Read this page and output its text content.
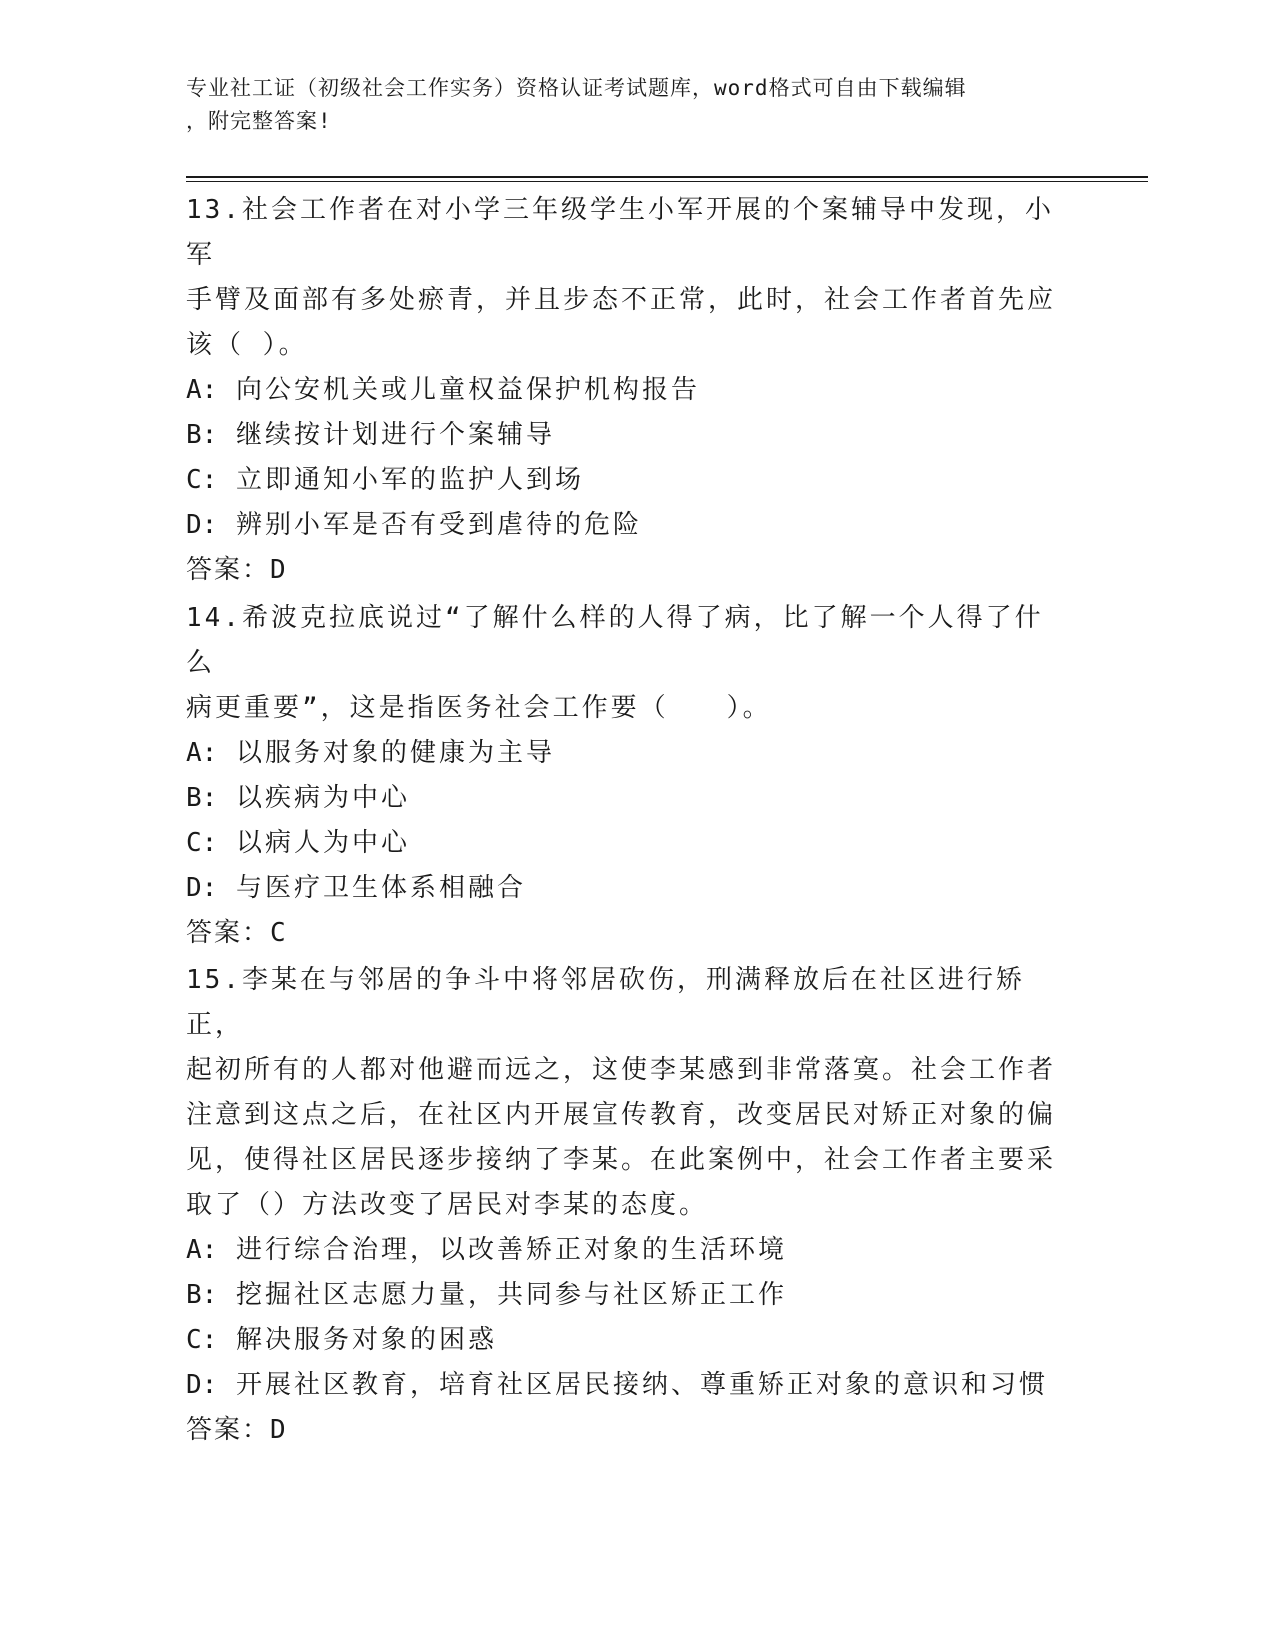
专业社工证（初级社会工作实务）资格认证考试题库，word格式可自由下载编辑
，附完整答案!

13.社会工作者在对小学三年级学生小军开展的个案辅导中发现，小军

手臂及面部有多处瘀青，并且步态不正常，此时，社会工作者首先应

该（ ）。

A: 向公安机关或儿童权益保护机构报告

B: 继续按计划进行个案辅导

C: 立即通知小军的监护人到场

D: 辨别小军是否有受到虐待的危险

答案：D

14.希波克拉底说过“了解什么样的人得了病，比了解一个人得了什么

病更重要”，这是指医务社会工作要（　　）。

A: 以服务对象的健康为主导

B: 以疾病为中心

C: 以病人为中心

D: 与医疗卫生体系相融合

答案：C

15.李某在与邻居的争斗中将邻居砍伤，刑满释放后在社区进行矫正，

起初所有的人都对他避而远之，这使李某感到非常落寞。社会工作者

注意到这点之后，在社区内开展宣传教育，改变居民对矫正对象的偏

见，使得社区居民逐步接纳了李某。在此案例中，社会工作者主要采

取了（）方法改变了居民对李某的态度。

A: 进行综合治理，以改善矫正对象的生活环境

B: 挖掘社区志愿力量，共同参与社区矫正工作

C: 解决服务对象的困惑

D: 开展社区教育，培育社区居民接纳、尊重矫正对象的意识和习惯

答案：D
